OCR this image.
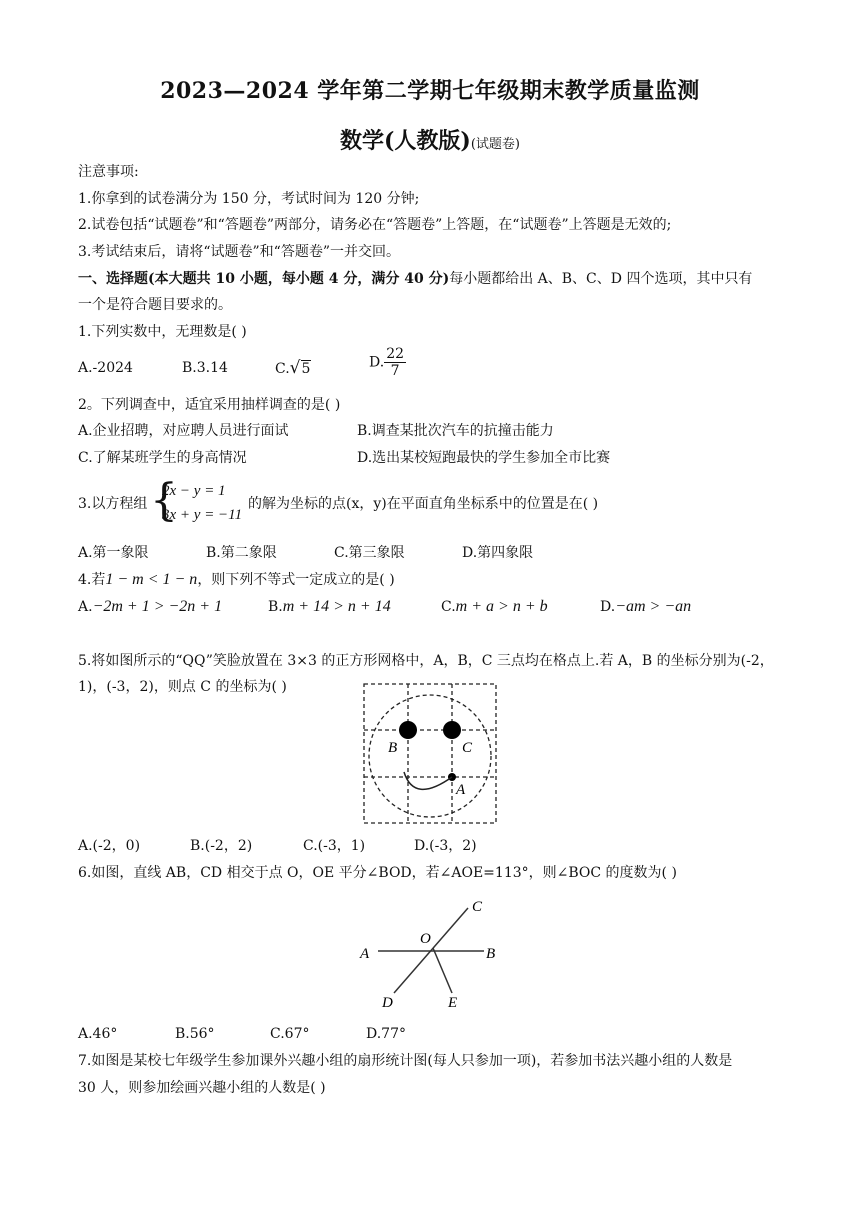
2023—2024 学年第二学期七年级期末教学质量监测
数学(人教版)(试题卷)
注意事项:
1.你拿到的试卷满分为 150 分，考试时间为 120 分钟;
2.试卷包括“试题卷”和“答题卷”两部分，请务必在“答题卷”上答题，在“试题卷”上答题是无效的;
3.考试结束后，请将“试题卷”和“答题卷”一并交回。
一、选择题(本大题共 10 小题，每小题 4 分，满分 40 分)每小题都给出 A、B、C、D 四个选项，其中只有
一个是符合题目要求的。
1.下列实数中，无理数是( )
A.-2024	B.3.14	C.√5	D. $\frac{22}{7}$
2。下列调查中，适宜采用抽样调查的是( )
A.企业招聘，对应聘人员进行面试	B.调查某批次汽车的抗撞击能力
C.了解某班学生的身高情况	D.选出某校短跑最快的学生参加全市比赛
3.以方程组 {
2x − y = 1
3x + y = −11
的解为坐标的点(x，y)在平面直角坐标系中的位置是在( )
A.第一象限	B.第二象限	C.第三象限	D.第四象限
4.若1 − m < 1 − n，则下列不等式一定成立的是( )
A.−2m + 1 > −2n + 1	B.m + 14 > n + 14	C.m + a > n + b	D.−am > −an
5.将如图所示的“QQ”笑脸放置在 3×3 的正方形网格中，A，B，C 三点均在格点上.若 A，B 的坐标分别为(-2，
1)，(-3，2)，则点 C 的坐标为( )
B	C
A
A.(-2，0)	B.(-2，2)	C.(-3，1)	D.(-3，2)
6.如图，直线 AB，CD 相交于点 O，OE 平分∠BOD，若∠AOE=113°，则∠BOC 的度数为( )
A	B
C
O
D	E
A.46°	B.56°	C.67°	D.77°
7.如图是某校七年级学生参加课外兴趣小组的扇形统计图(每人只参加一项)，若参加书法兴趣小组的人数是
30 人，则参加绘画兴趣小组的人数是( )
